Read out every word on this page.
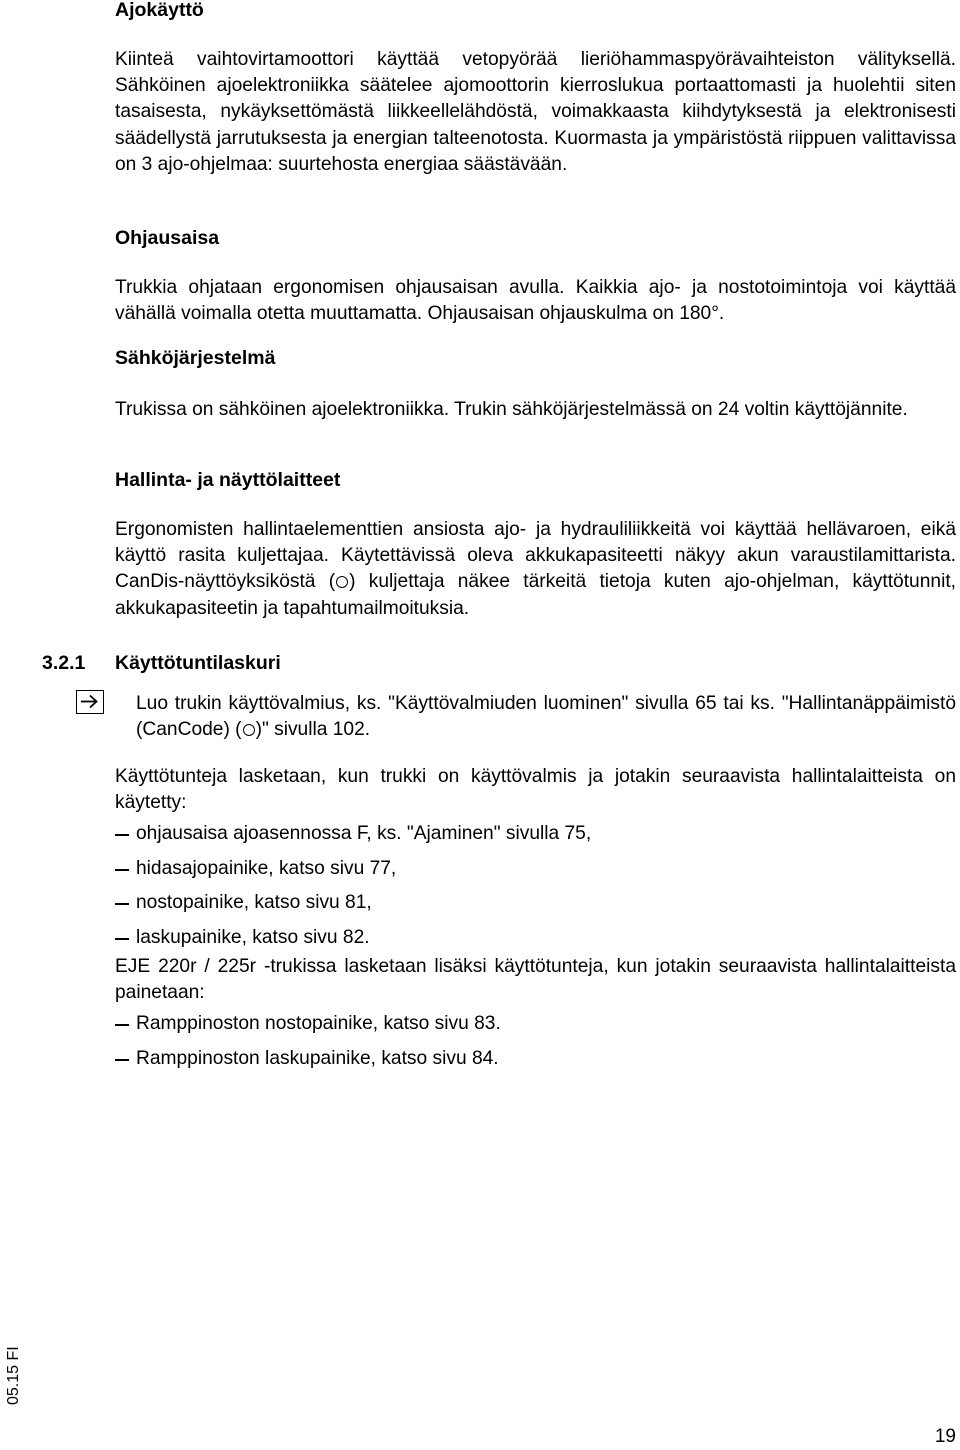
Ajokäyttö

Kiinteä vaihtovirtamoottori käyttää vetopyörää lieriöhammaspyörävaihteiston välityksellä. Sähköinen ajoelektroniikka säätelee ajomoottorin kierroslukua portaattomasti ja huolehtii siten tasaisesta, nykäyksettömästä liikkeellelähdöstä, voimakkaasta kiihdytyksestä ja elektronisesti säädellystä jarrutuksesta ja energian talteenotosta. Kuormasta ja ympäristöstä riippuen valittavissa on 3 ajo-ohjelmaa: suurtehosta energiaa säästävään.

Ohjausaisa

Trukkia ohjataan ergonomisen ohjausaisan avulla. Kaikkia ajo- ja nostotoimintoja voi käyttää vähällä voimalla otetta muuttamatta. Ohjausaisan ohjauskulma on 180°.

Sähköjärjestelmä

Trukissa on sähköinen ajoelektroniikka. Trukin sähköjärjestelmässä on 24 voltin käyttöjännite.

Hallinta- ja näyttölaitteet

Ergonomisten hallintaelementtien ansiosta ajo- ja hydrauliliikkeitä voi käyttää hellävaroen, eikä käyttö rasita kuljettajaa. Käytettävissä oleva akkukapasiteetti näkyy akun varaustilamittarista. CanDis-näyttöyksiköstä ( ) kuljettaja näkee tärkeitä tietoja kuten ajo-ohjelman, käyttötunnit, akkukapasiteetin ja tapahtumailmoituksia.

3.2.1 Käyttötuntilaskuri

Luo trukin käyttövalmius, ks. "Käyttövalmiuden luominen" sivulla 65 tai ks. "Hallintanäppäimistö (CanCode) ( )" sivulla 102.

Käyttötunteja lasketaan, kun trukki on käyttövalmis ja jotakin seuraavista hallintalaitteista on käytetty:

ohjausaisa ajoasennossa F, ks. "Ajaminen" sivulla 75,
hidasajopainike, katso sivu 77,
nostopainike, katso sivu 81,
laskupainike, katso sivu 82.

EJE 220r / 225r -trukissa lasketaan lisäksi käyttötunteja, kun jotakin seuraavista hallintalaitteista painetaan:

Ramppinoston nostopainike, katso sivu 83.
Ramppinoston laskupainike, katso sivu 84.
05.15 FI
19
